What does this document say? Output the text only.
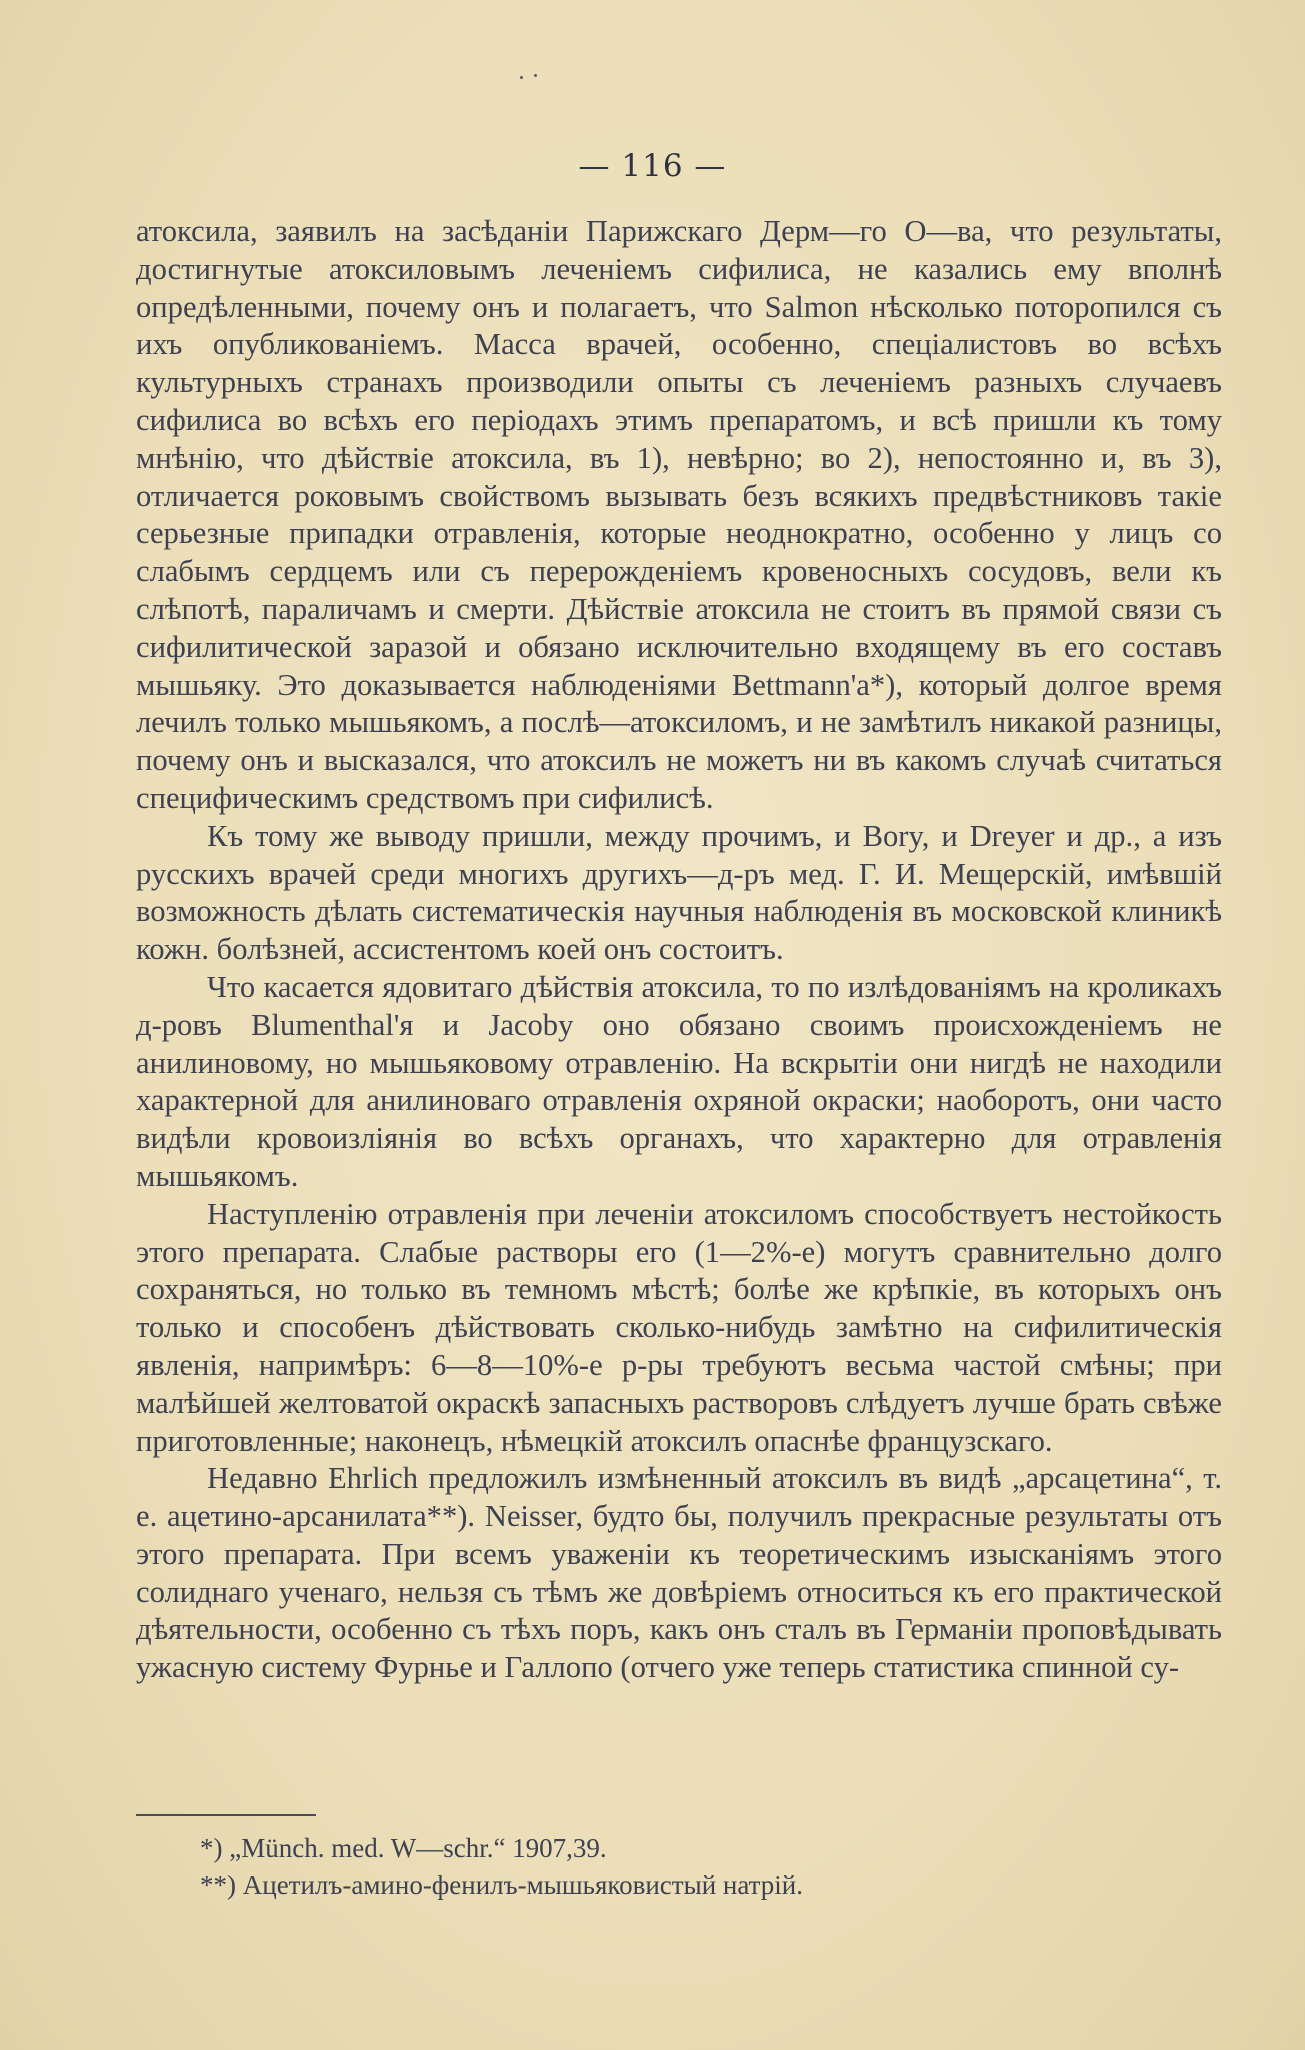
— 116 —

атоксила, заявилъ на засѣданіи Парижскаго Дерм—го О—ва, что результаты, достигнутые атоксиловымъ леченіемъ сифилиса, не казались ему вполнѣ опредѣленными, почему онъ и полагаетъ, что Salmon нѣсколько поторопился съ ихъ опубликованіемъ. Масса врачей, особенно, спеціалистовъ во всѣхъ культурныхъ странахъ производили опыты съ леченіемъ разныхъ случаевъ сифилиса во всѣхъ его періодахъ этимъ препаратомъ, и всѣ пришли къ тому мнѣнію, что дѣйствіе атоксила, въ 1), невѣрно; во 2), непостоянно и, въ 3), отличается роковымъ свойствомъ вызывать безъ всякихъ предвѣстниковъ такіе серьезные припадки отравленія, которые неоднократно, особенно у лицъ со слабымъ сердцемъ или съ перерожденіемъ кровеносныхъ сосудовъ, вели къ слѣпотѣ, параличамъ и смерти. Дѣйствіе атоксила не стоитъ въ прямой связи съ сифилитической заразой и обязано исключительно входящему въ его составъ мышьяку. Это доказывается наблюденіями Bettmann'a*), который долгое время лечилъ только мышьякомъ, а послѣ—атоксиломъ, и не замѣтилъ никакой разницы, почему онъ и высказался, что атоксилъ не можетъ ни въ какомъ случаѣ считаться специфическимъ средствомъ при сифилисѣ.

Къ тому же выводу пришли, между прочимъ, и Bory, и Dreyer и др., а изъ русскихъ врачей среди многихъ другихъ—д-ръ мед. Г. И. Мещерскій, имѣвшій возможность дѣлать систематическія научныя наблюденія въ московской клиникѣ кожн. болѣзней, ассистентомъ коей онъ состоитъ.

Что касается ядовитаго дѣйствія атоксила, то по излѣдованіямъ на кроликахъ д-ровъ Blumenthal'я и Jacoby оно обязано своимъ происхожденіемъ не анилиновому, но мышьяковому отравленію. На вскрытіи они нигдѣ не находили характерной для анилиноваго отравленія охряной окраски; наоборотъ, они часто видѣли кровоизліянія во всѣхъ органахъ, что характерно для отравленія мышьякомъ.

Наступленію отравленія при леченіи атоксиломъ способствуетъ нестойкость этого препарата. Слабые растворы его (1—2%-е) могутъ сравнительно долго сохраняться, но только въ темномъ мѣстѣ; болѣе же крѣпкіе, въ которыхъ онъ только и способенъ дѣйствовать сколько-нибудь замѣтно на сифилитическія явленія, напримѣръ: 6—8—10%-е р-ры требуютъ весьма частой смѣны; при малѣйшей желтоватой окраскѣ запасныхъ растворовъ слѣдуетъ лучше брать свѣже приготовленные; наконецъ, нѣмецкій атоксилъ опаснѣе французскаго.

Недавно Ehrlich предложилъ измѣненный атоксилъ въ видѣ „арсацетина“, т. е. ацетино-арсанилата**). Neisser, будто бы, получилъ прекрасные результаты отъ этого препарата. При всемъ уваженіи къ теоретическимъ изысканіямъ этого солиднаго ученаго, нельзя съ тѣмъ же довѣріемъ относиться къ его практической дѣятельности, особенно съ тѣхъ поръ, какъ онъ сталъ въ Германіи проповѣдывать ужасную систему Фурнье и Галлопо (отчего уже теперь статистика спинной су-

*) „Münch. med. W—schr.“ 1907,39.

**) Ацетилъ-амино-фенилъ-мышьяковистый натрій.
